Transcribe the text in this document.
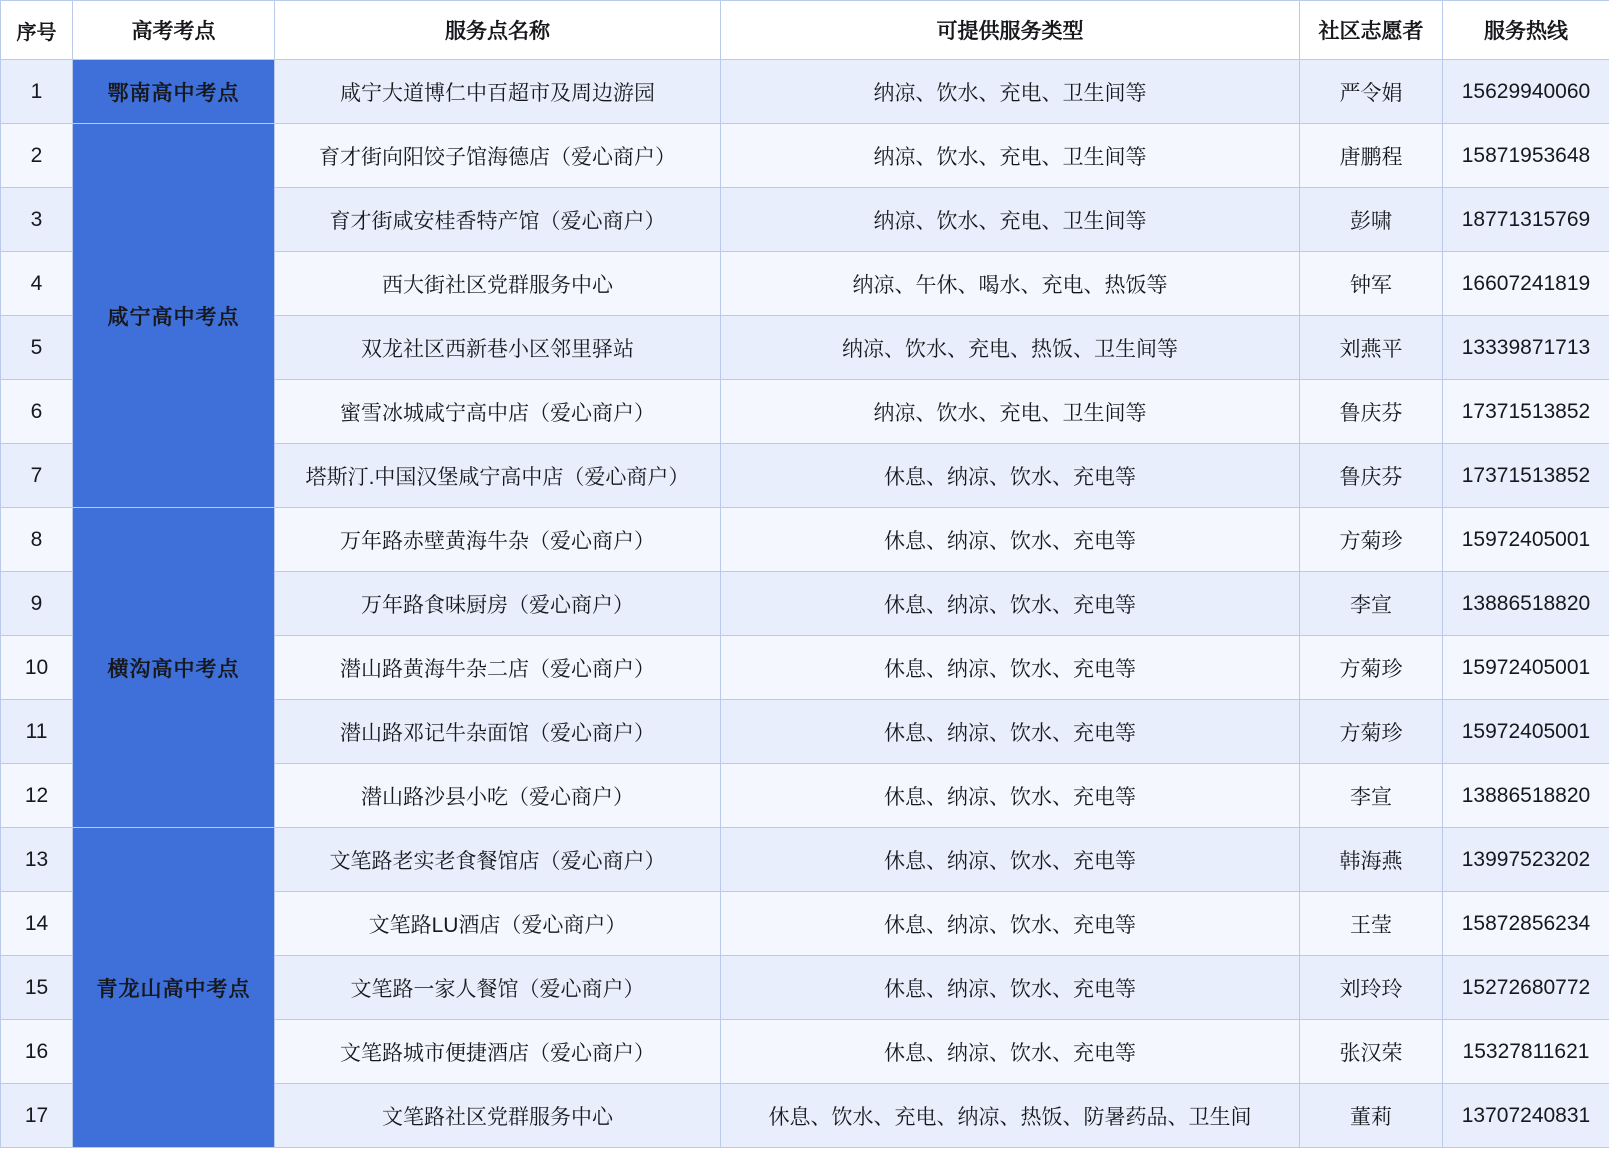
序号	高考考点	服务点名称	可提供服务类型	社区志愿者	服务热线
1	鄂南高中考点	咸宁大道博仁中百超市及周边游园	纳凉、饮水、充电、卫生间等	严令娟	15629940060
2	咸宁高中考点	育才街向阳饺子馆海德店（爱心商户）	纳凉、饮水、充电、卫生间等	唐鹏程	15871953648
3		育才街咸安桂香特产馆（爱心商户）	纳凉、饮水、充电、卫生间等	彭啸	18771315769
4		西大街社区党群服务中心	纳凉、午休、喝水、充电、热饭等	钟军	16607241819
5		双龙社区西新巷小区邻里驿站	纳凉、饮水、充电、热饭、卫生间等	刘燕平	13339871713
6		蜜雪冰城咸宁高中店（爱心商户）	纳凉、饮水、充电、卫生间等	鲁庆芬	17371513852
7		塔斯汀.中国汉堡咸宁高中店（爱心商户）	休息、纳凉、饮水、充电等	鲁庆芬	17371513852
8	横沟高中考点	万年路赤壁黄海牛杂（爱心商户）	休息、纳凉、饮水、充电等	方菊珍	15972405001
9		万年路食味厨房（爱心商户）	休息、纳凉、饮水、充电等	李宣	13886518820
10		潜山路黄海牛杂二店（爱心商户）	休息、纳凉、饮水、充电等	方菊珍	15972405001
11		潜山路邓记牛杂面馆（爱心商户）	休息、纳凉、饮水、充电等	方菊珍	15972405001
12		潜山路沙县小吃（爱心商户）	休息、纳凉、饮水、充电等	李宣	13886518820
13	青龙山高中考点	文笔路老实老食餐馆店（爱心商户）	休息、纳凉、饮水、充电等	韩海燕	13997523202
14		文笔路LU酒店（爱心商户）	休息、纳凉、饮水、充电等	王莹	15872856234
15		文笔路一家人餐馆（爱心商户）	休息、纳凉、饮水、充电等	刘玲玲	15272680772
16		文笔路城市便捷酒店（爱心商户）	休息、纳凉、饮水、充电等	张汉荣	15327811621
17		文笔路社区党群服务中心	休息、饮水、充电、纳凉、热饭、防暑药品、卫生间	董莉	13707240831
